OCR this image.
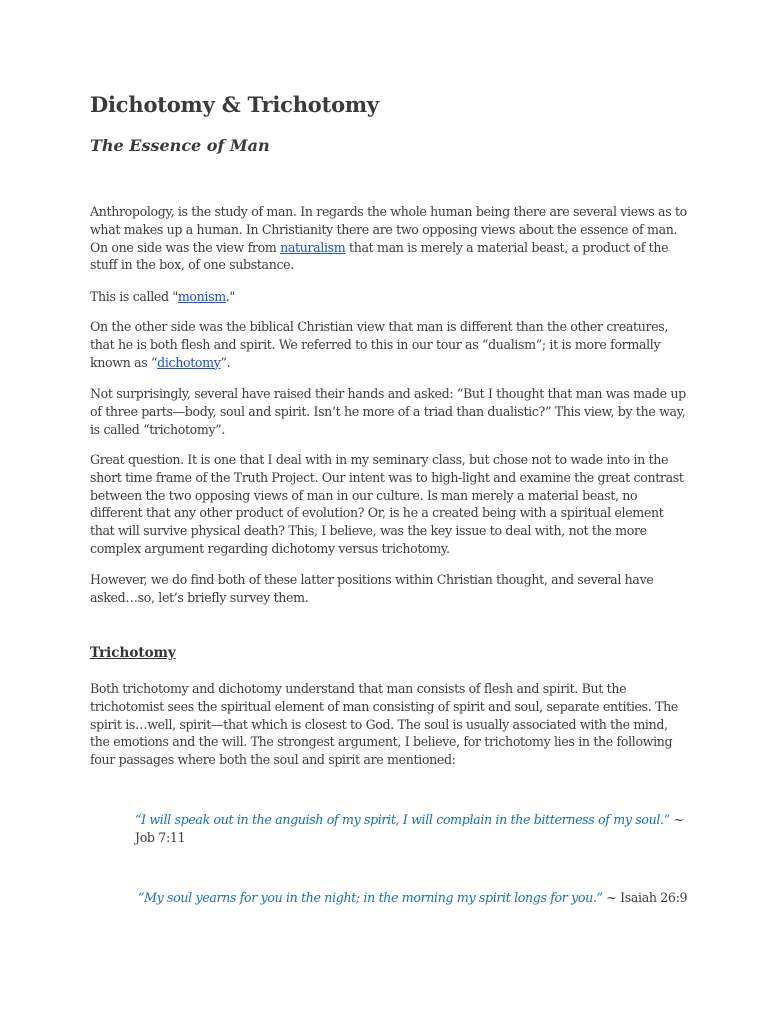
Dichotomy & Trichotomy
The Essence of Man

Anthropology, is the study of man. In regards the whole human being there are several views as to what makes up a human. In Christianity there are two opposing views about the essence of man. On one side was the view from naturalism that man is merely a material beast, a product of the stuff in the box, of one substance.

This is called "monism."

On the other side was the biblical Christian view that man is different than the other creatures, that he is both flesh and spirit. We referred to this in our tour as “dualism”; it is more formally known as “dichotomy”.

Not surprisingly, several have raised their hands and asked: “But I thought that man was made up of three parts—body, soul and spirit. Isn’t he more of a triad than dualistic?” This view, by the way, is called “trichotomy”.

Great question. It is one that I deal with in my seminary class, but chose not to wade into in the short time frame of the Truth Project. Our intent was to high-light and examine the great contrast between the two opposing views of man in our culture. Is man merely a material beast, no different that any other product of evolution? Or, is he a created being with a spiritual element that will survive physical death? This, I believe, was the key issue to deal with, not the more complex argument regarding dichotomy versus trichotomy.

However, we do find both of these latter positions within Christian thought, and several have asked…so, let’s briefly survey them.

Trichotomy

Both trichotomy and dichotomy understand that man consists of flesh and spirit. But the trichotomist sees the spiritual element of man consisting of spirit and soul, separate entities. The spirit is…well, spirit—that which is closest to God. The soul is usually associated with the mind, the emotions and the will. The strongest argument, I believe, for trichotomy lies in the following four passages where both the soul and spirit are mentioned:

“I will speak out in the anguish of my spirit, I will complain in the bitterness of my soul.” ~ Job 7:11

“My soul yearns for you in the night; in the morning my spirit longs for you.” ~ Isaiah 26:9
